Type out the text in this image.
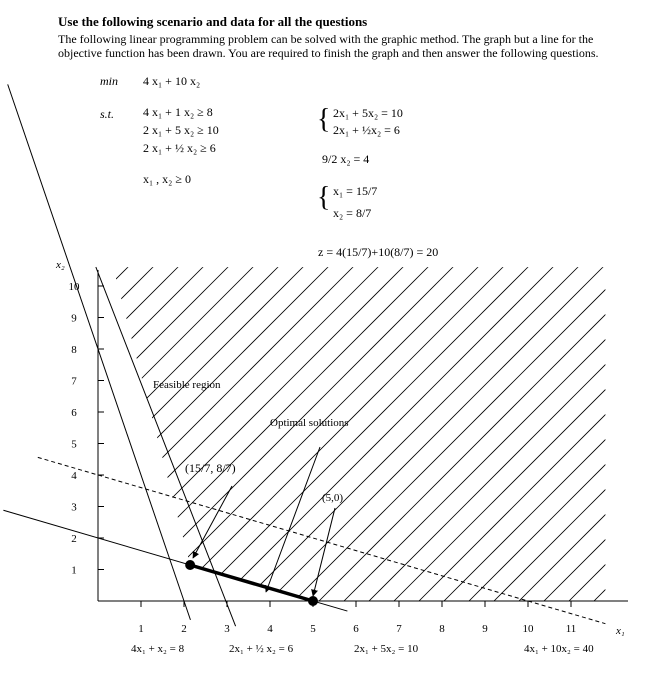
Use the following scenario and data for all the questions
The following linear programming problem can be solved with the graphic method. The graph but a line for the
objective function has been drawn. You are required to finish the graph and then answer the following questions.
min 4 x₁ + 10 x₂
s.t. 4 x₁ + 1 x₂ ≥ 8
2 x₁ + 5 x₂ ≥ 10
2 x₁ + ½ x₂ ≥ 6
x₁ , x₂ ≥ 0
{ 2x₁ + 5x₂ = 10
2x₁ + ½x₂ = 6
9/2 x₂ = 4
{ x₁ = 15/7
x₂ = 8/7
z = 4(15/7)+10(8/7) = 20
1	2	3	4	5	6	7	8	9	10	11
1
2
3
4
5
6
7
8
9
10
x₁
x₂
Feasible region
Optimal solutions
(15/7, 8/7)
(5,0)
4x₁ + x₂ = 8	2x₁ + ½ x₂ = 6	2x₁ + 5x₂ = 10	4x₁ + 10x₂ = 40
